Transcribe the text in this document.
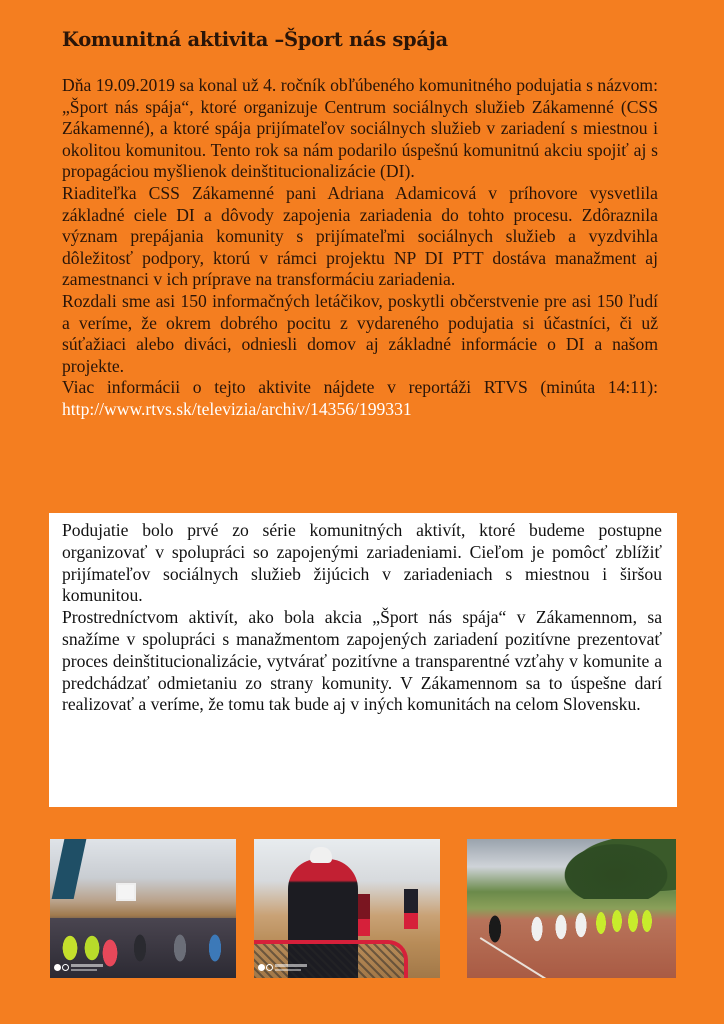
Komunitná aktivita –Šport nás spája

Dňa 19.09.2019 sa konal už 4. ročník obľúbeného komunitného podujatia s názvom: „Šport nás spája“, ktoré organizuje Centrum sociálnych služieb Zákamenné (CSS Zákamenné), a ktoré spája prijímateľov sociálnych služieb v zariadení s miestnou i okolitou komunitou. Tento rok sa nám podarilo úspešnú komunitnú akciu spojiť aj s propagáciou myšlienok deinštitucionalizácie (DI).

Riaditeľka CSS Zákamenné pani Adriana Adamicová v príhovore vysvetlila základné ciele DI a dôvody zapojenia zariadenia do tohto procesu. Zdôraznila význam prepájania komunity s prijímateľmi sociálnych služieb a vyzdvihla dôležitosť podpory, ktorú v rámci projektu NP DI PTT dostáva manažment aj zamestnanci v ich príprave na transformáciu zariadenia.

Rozdali sme asi 150 informačných letáčikov, poskytli občerstvenie pre asi 150 ľudí a veríme, že okrem dobrého pocitu z vydareného podujatia si účastníci, či už súťažiaci alebo diváci, odniesli domov aj základné informácie o DI a našom projekte.

Viac informácii o tejto aktivite nájdete v reportáži RTVS (minúta 14:11): http://www.rtvs.sk/televizia/archiv/14356/199331

Podujatie bolo prvé zo série komunitných aktivít, ktoré budeme postupne organizovať v spolupráci so zapojenými zariadeniami. Cieľom je pomôcť zblížiť prijímateľov sociálnych služieb žijúcich v zariadeniach s miestnou i širšou komunitou.

Prostredníctvom aktivít, ako bola akcia „Šport nás spája“ v Zákamennom, sa snažíme v spolupráci s manažmentom zapojených zariadení pozitívne prezentovať proces deinštitucionalizácie, vytvárať pozitívne a transparentné vzťahy v komunite a predchádzať odmietaniu zo strany komunity. V Zákamennom sa to úspešne darí realizovať a veríme, že tomu tak bude aj v iných komunitách na celom Slovensku.
